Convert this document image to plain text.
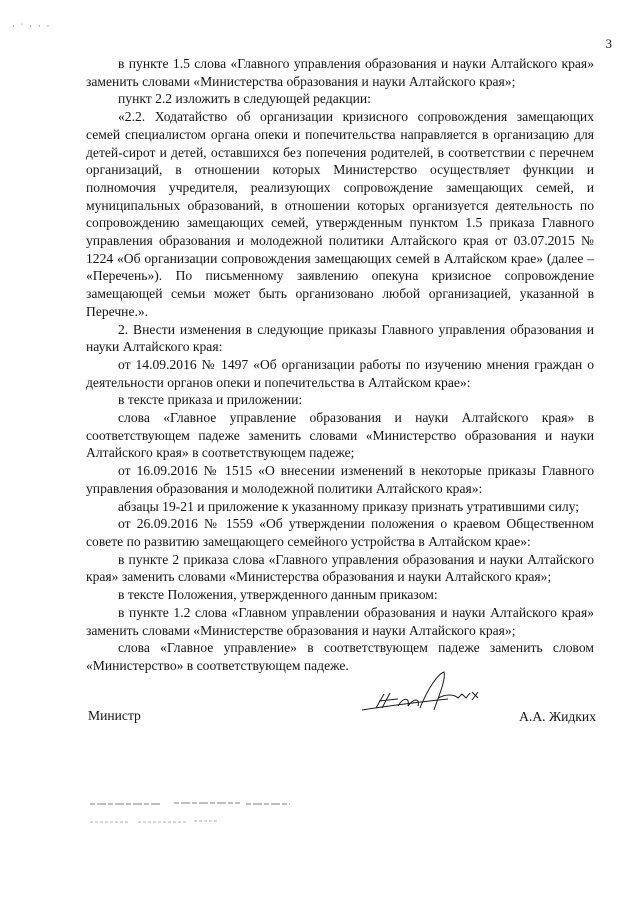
· ˙ · · ·
3

в пункте 1.5 слова «Главного управления образования и науки Алтайского края» заменить словами «Министерства образования и науки Алтайского края»;

пункт 2.2 изложить в следующей редакции:

«2.2. Ходатайство об организации кризисного сопровождения замещающих семей специалистом органа опеки и попечительства направляется в организацию для детей-сирот и детей, оставшихся без попечения родителей, в соответствии с перечнем организаций, в отношении которых Министерство осуществляет функции и полномочия учредителя, реализующих сопровождение замещающих семей, и муниципальных образований, в отношении которых организуется деятельность по сопровождению замещающих семей, утвержденным пунктом 1.5 приказа Главного управления образования и молодежной политики Алтайского края от 03.07.2015 № 1224 «Об организации сопровождения замещающих семей в Алтайском крае» (далее – «Перечень»). По письменному заявлению опекуна кризисное сопровождение замещающей семьи может быть организовано любой организацией, указанной в Перечне.».

2. Внести изменения в следующие приказы Главного управления образования и науки Алтайского края:

от 14.09.2016 № 1497 «Об организации работы по изучению мнения граждан о деятельности органов опеки и попечительства в Алтайском крае»:

в тексте приказа и приложении:

слова «Главное управление образования и науки Алтайского края» в соответствующем падеже заменить словами «Министерство образования и науки Алтайского края» в соответствующем падеже;

от 16.09.2016 № 1515 «О внесении изменений в некоторые приказы Главного управления образования и молодежной политики Алтайского края»:

абзацы 19-21 и приложение к указанному приказу признать утратившими силу;

от 26.09.2016 № 1559 «Об утверждении положения о краевом Общественном совете по развитию замещающего семейного устройства в Алтайском крае»:

в пункте 2 приказа слова «Главного управления образования и науки Алтайского края» заменить словами «Министерства образования и науки Алтайского края»;

в тексте Положения, утвержденного данным приказом:

в пункте 1.2 слова «Главном управлении образования и науки Алтайского края» заменить словами «Министерстве образования и науки Алтайского края»;

слова «Главное управление» в соответствующем падеже заменить словом «Министерство» в соответствующем падеже.

Министр	А.А. Жидких
